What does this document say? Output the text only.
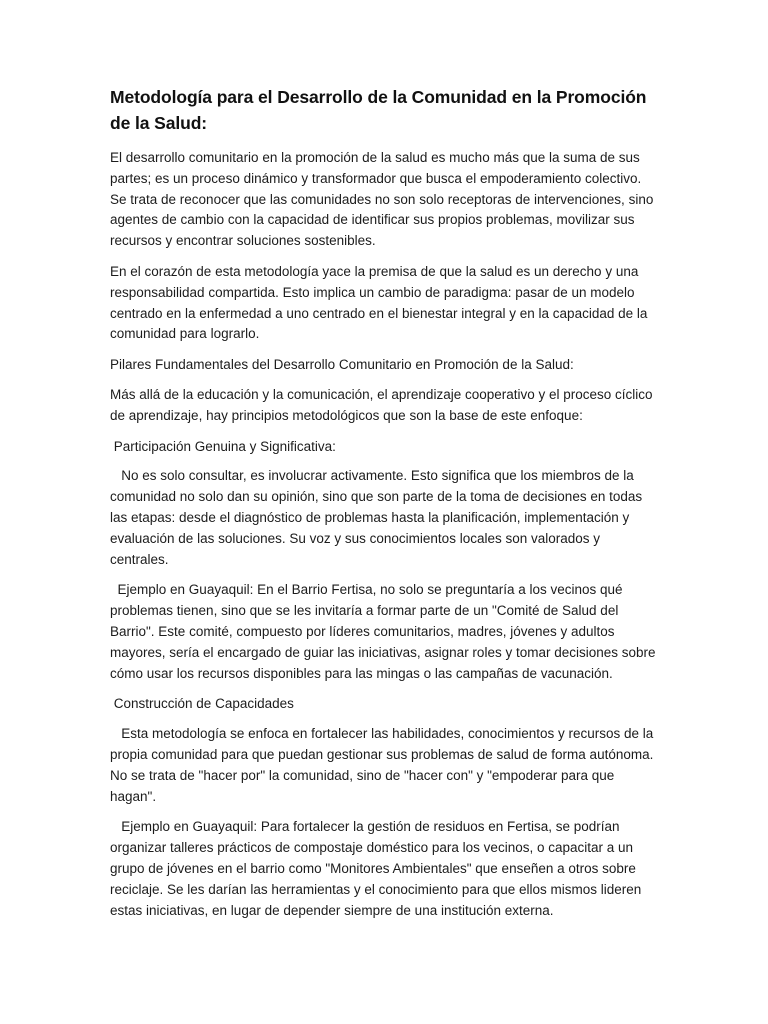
Metodología para el Desarrollo de la Comunidad en la Promoción de la Salud:

El desarrollo comunitario en la promoción de la salud es mucho más que la suma de sus partes; es un proceso dinámico y transformador que busca el empoderamiento colectivo. Se trata de reconocer que las comunidades no son solo receptoras de intervenciones, sino agentes de cambio con la capacidad de identificar sus propios problemas, movilizar sus recursos y encontrar soluciones sostenibles.

En el corazón de esta metodología yace la premisa de que la salud es un derecho y una responsabilidad compartida. Esto implica un cambio de paradigma: pasar de un modelo centrado en la enfermedad a uno centrado en el bienestar integral y en la capacidad de la comunidad para lograrlo.

Pilares Fundamentales del Desarrollo Comunitario en Promoción de la Salud:

Más allá de la educación y la comunicación, el aprendizaje cooperativo y el proceso cíclico de aprendizaje, hay principios metodológicos que son la base de este enfoque:

Participación Genuina y Significativa:

No es solo consultar, es involucrar activamente. Esto significa que los miembros de la comunidad no solo dan su opinión, sino que son parte de la toma de decisiones en todas las etapas: desde el diagnóstico de problemas hasta la planificación, implementación y evaluación de las soluciones. Su voz y sus conocimientos locales son valorados y centrales.

Ejemplo en Guayaquil: En el Barrio Fertisa, no solo se preguntaría a los vecinos qué problemas tienen, sino que se les invitaría a formar parte de un "Comité de Salud del Barrio". Este comité, compuesto por líderes comunitarios, madres, jóvenes y adultos mayores, sería el encargado de guiar las iniciativas, asignar roles y tomar decisiones sobre cómo usar los recursos disponibles para las mingas o las campañas de vacunación.

Construcción de Capacidades

Esta metodología se enfoca en fortalecer las habilidades, conocimientos y recursos de la propia comunidad para que puedan gestionar sus problemas de salud de forma autónoma. No se trata de "hacer por" la comunidad, sino de "hacer con" y "empoderar para que hagan".

Ejemplo en Guayaquil: Para fortalecer la gestión de residuos en Fertisa, se podrían organizar talleres prácticos de compostaje doméstico para los vecinos, o capacitar a un grupo de jóvenes en el barrio como "Monitores Ambientales" que enseñen a otros sobre reciclaje. Se les darían las herramientas y el conocimiento para que ellos mismos lideren estas iniciativas, en lugar de depender siempre de una institución externa.
